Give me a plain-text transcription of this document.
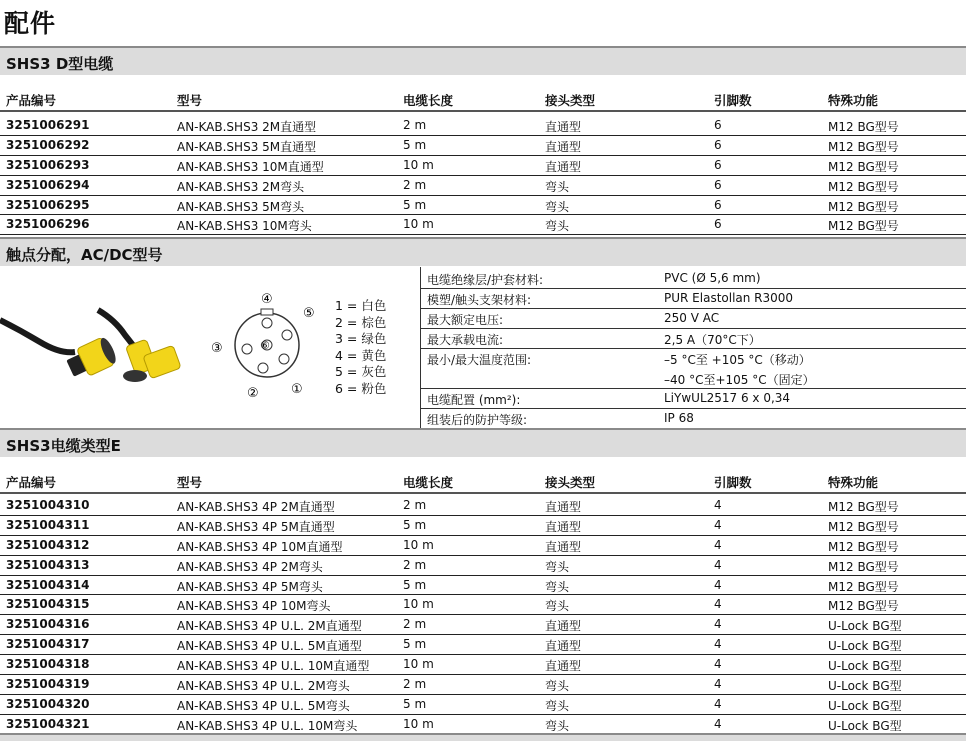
配件
SHS3 D型电缆
产品编号	型号	电缆长度	接头类型	引脚数	特殊功能
3251006291	AN-KAB.SHS3 2M直通型	2 m	直通型	6	M12 BG型号
3251006292	AN-KAB.SHS3 5M直通型	5 m	直通型	6	M12 BG型号
3251006293	AN-KAB.SHS3 10M直通型	10 m	直通型	6	M12 BG型号
3251006294	AN-KAB.SHS3 2M弯头	2 m	弯头	6	M12 BG型号
3251006295	AN-KAB.SHS3 5M弯头	5 m	弯头	6	M12 BG型号
3251006296	AN-KAB.SHS3 10M弯头	10 m	弯头	6	M12 BG型号
触点分配，AC/DC型号
④
⑤
③	⑥
② ①
1 = 白色
2 = 棕色
3 = 绿色
4 = 黄色
5 = 灰色
6 = 粉色
电缆绝缘层/护套材料:	PVC (Ø 5,6 mm)
模塑/触头支架材料:	PUR Elastollan R3000
最大额定电压:	250 V AC
最大承载电流:	2,5 A（70°C下）
最小/最大温度范围:	–5 °C至 +105 °C（移动）
–40 °C至+105 °C（固定）
电缆配置 (mm²):	LiYwUL2517 6 x 0,34
组装后的防护等级:	IP 68
SHS3电缆类型E
产品编号	型号	电缆长度	接头类型	引脚数	特殊功能
3251004310	AN-KAB.SHS3 4P 2M直通型	2 m	直通型	4	M12 BG型号
3251004311	AN-KAB.SHS3 4P 5M直通型	5 m	直通型	4	M12 BG型号
3251004312	AN-KAB.SHS3 4P 10M直通型	10 m	直通型	4	M12 BG型号
3251004313	AN-KAB.SHS3 4P 2M弯头	2 m	弯头	4	M12 BG型号
3251004314	AN-KAB.SHS3 4P 5M弯头	5 m	弯头	4	M12 BG型号
3251004315	AN-KAB.SHS3 4P 10M弯头	10 m	弯头	4	M12 BG型号
3251004316	AN-KAB.SHS3 4P U.L. 2M直通型	2 m	直通型	4	U-Lock BG型
3251004317	AN-KAB.SHS3 4P U.L. 5M直通型	5 m	直通型	4	U-Lock BG型
3251004318	AN-KAB.SHS3 4P U.L. 10M直通型	10 m	直通型	4	U-Lock BG型
3251004319	AN-KAB.SHS3 4P U.L. 2M弯头	2 m	弯头	4	U-Lock BG型
3251004320	AN-KAB.SHS3 4P U.L. 5M弯头	5 m	弯头	4	U-Lock BG型
3251004321	AN-KAB.SHS3 4P U.L. 10M弯头	10 m	弯头	4	U-Lock BG型
